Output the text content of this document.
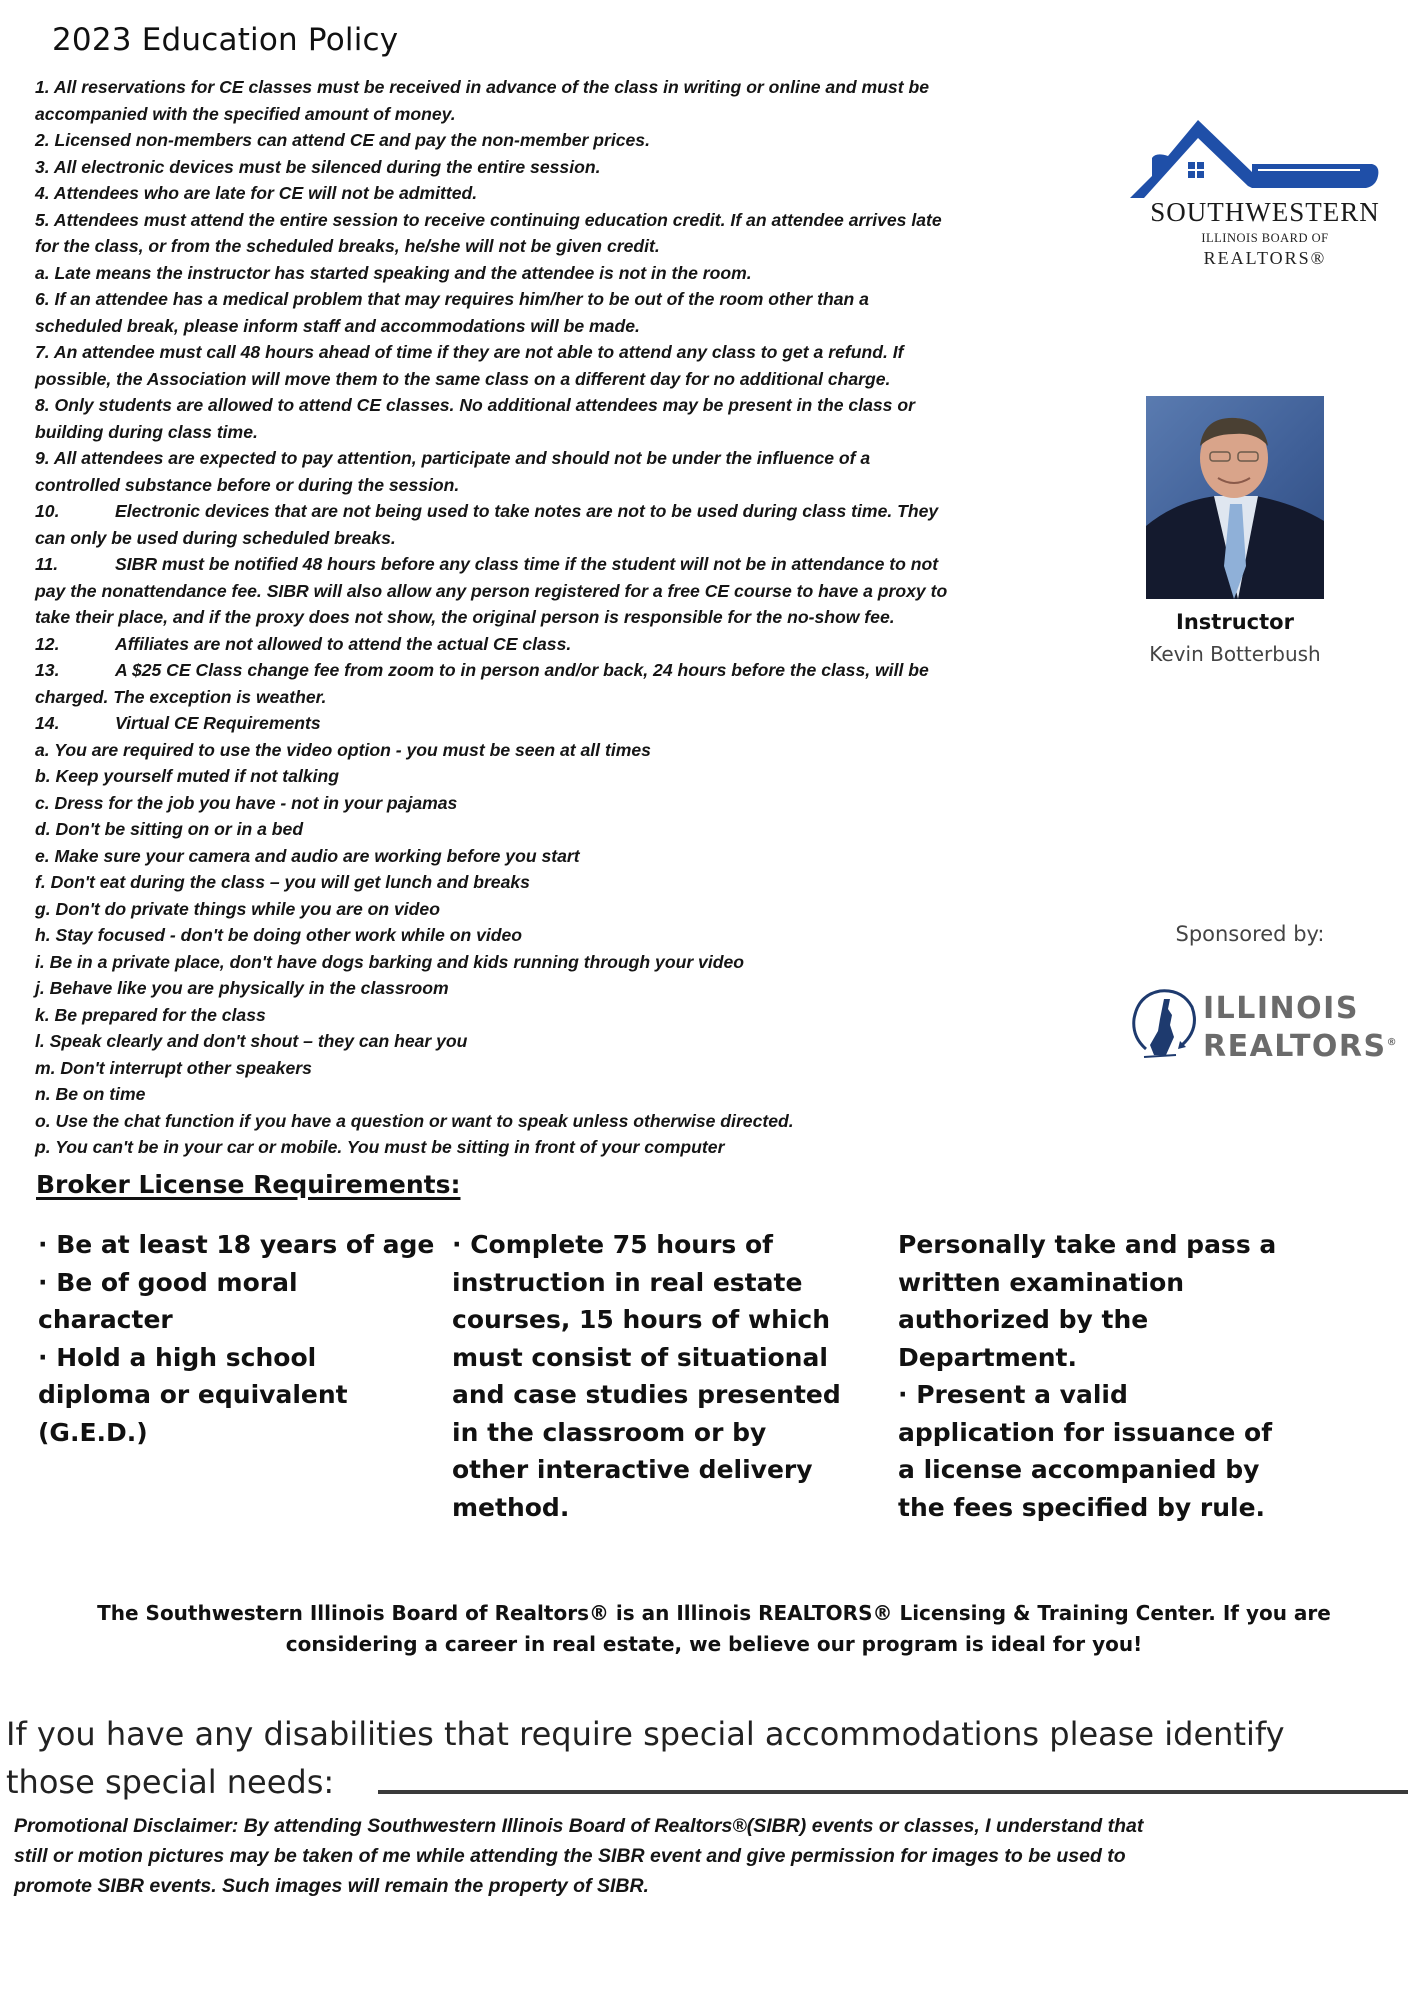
2023 Education Policy
1. All reservations for CE classes must be received in advance of the class in writing or online and must be
accompanied with the specified amount of money.
2. Licensed non-members can attend CE and pay the non-member prices.
3. All electronic devices must be silenced during the entire session.
4. Attendees who are late for CE will not be admitted.
5. Attendees must attend the entire session to receive continuing education credit. If an attendee arrives late
for the class, or from the scheduled breaks, he/she will not be given credit.
a. Late means the instructor has started speaking and the attendee is not in the room.
6. If an attendee has a medical problem that may requires him/her to be out of the room other than a
scheduled break, please inform staff and accommodations will be made.
7. An attendee must call 48 hours ahead of time if they are not able to attend any class to get a refund. If
possible, the Association will move them to the same class on a different day for no additional charge.
8. Only students are allowed to attend CE classes. No additional attendees may be present in the class or
building during class time.
9. All attendees are expected to pay attention, participate and should not be under the influence of a
controlled substance before or during the session.
10.	Electronic devices that are not being used to take notes are not to be used during class time. They
can only be used during scheduled breaks.
11.	SIBR must be notified 48 hours before any class time if the student will not be in attendance to not
pay the nonattendance fee. SIBR will also allow any person registered for a free CE course to have a proxy to
take their place, and if the proxy does not show, the original person is responsible for the no-show fee.
12.	Affiliates are not allowed to attend the actual CE class.
13.	A $25 CE Class change fee from zoom to in person and/or back, 24 hours before the class, will be
charged. The exception is weather.
14.	Virtual CE Requirements
a. You are required to use the video option - you must be seen at all times
b. Keep yourself muted if not talking
c. Dress for the job you have - not in your pajamas
d. Don't be sitting on or in a bed
e. Make sure your camera and audio are working before you start
f. Don't eat during the class – you will get lunch and breaks
g. Don't do private things while you are on video
h. Stay focused - don't be doing other work while on video
i. Be in a private place, don't have dogs barking and kids running through your video
j. Behave like you are physically in the classroom
k. Be prepared for the class
l. Speak clearly and don't shout – they can hear you
m. Don't interrupt other speakers
n. Be on time
o. Use the chat function if you have a question or want to speak unless otherwise directed.
p. You can't be in your car or mobile. You must be sitting in front of your computer
SOUTHWESTERN
ILLINOIS BOARD OF
REALTORS®
Instructor
Kevin Botterbush
Sponsored by:
ILLINOIS
REALTORS®
Broker License Requirements:
· Be at least 18 years of age
· Be of good moral
character
· Hold a high school
diploma or equivalent
(G.E.D.)
· Complete 75 hours of
instruction in real estate
courses, 15 hours of which
must consist of situational
and case studies presented
in the classroom or by
other interactive delivery
method.
Personally take and pass a
written examination
authorized by the
Department.
· Present a valid
application for issuance of
a license accompanied by
the fees specified by rule.
The Southwestern Illinois Board of Realtors® is an Illinois REALTORS® Licensing & Training Center. If you are
considering a career in real estate, we believe our program is ideal for you!
If you have any disabilities that require special accommodations please identify
those special needs:
Promotional Disclaimer: By attending Southwestern Illinois Board of Realtors®(SIBR) events or classes, I understand that
still or motion pictures may be taken of me while attending the SIBR event and give permission for images to be used to
promote SIBR events. Such images will remain the property of SIBR.
